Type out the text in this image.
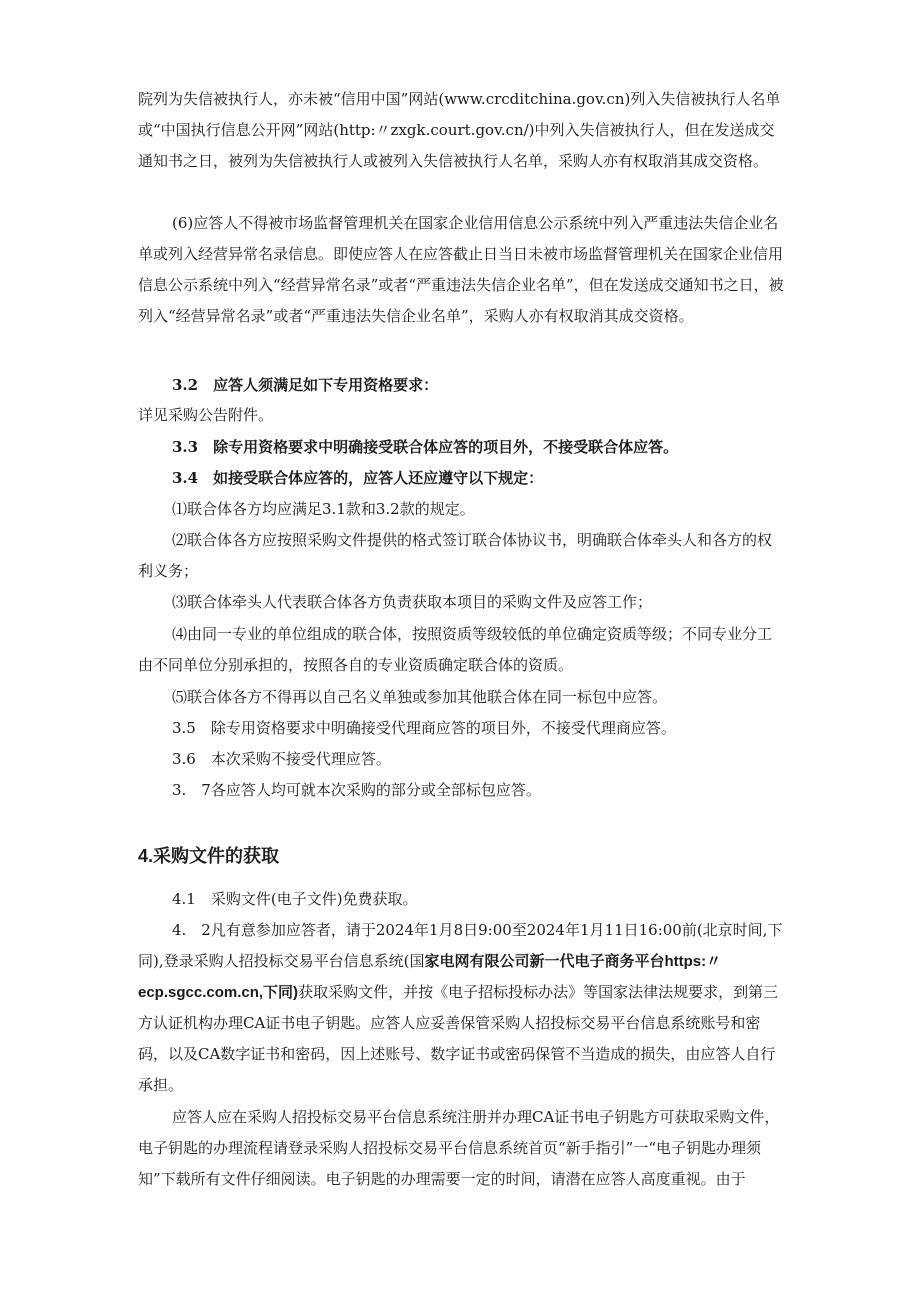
院列为失信被执行人，亦未被“信用中国”网站(www.crcditchina.gov.cn)列入失信被执行人名单或“中国执行信息公开网”网站(http:〃zxgk.court.gov.cn/)中列入失信被执行人，但在发送成交通知书之日，被列为失信被执行人或被列入失信被执行人名单，采购人亦有权取消其成交资格。

(6)应答人不得被市场监督管理机关在国家企业信用信息公示系统中列入严重违法失信企业名单或列入经营异常名录信息。即使应答人在应答截止日当日未被市场监督管理机关在国家企业信用信息公示系统中列入“经营异常名录”或者“严重违法失信企业名单”，但在发送成交通知书之日，被列入“经营异常名录”或者“严重违法失信企业名单”，采购人亦有权取消其成交资格。

3.2　应答人须满足如下专用资格要求：

详见采购公告附件。

3.3　除专用资格要求中明确接受联合体应答的项目外，不接受联合体应答。

3.4　如接受联合体应答的，应答人还应遵守以下规定：

⑴联合体各方均应满足3.1款和3.2款的规定。

⑵联合体各方应按照采购文件提供的格式签订联合体协议书，明确联合体牵头人和各方的权利义务；

⑶联合体牵头人代表联合体各方负责获取本项目的采购文件及应答工作；

⑷由同一专业的单位组成的联合体，按照资质等级较低的单位确定资质等级；不同专业分工由不同单位分别承担的，按照各自的专业资质确定联合体的资质。

⑸联合体各方不得再以自己名义单独或参加其他联合体在同一标包中应答。

3.5　除专用资格要求中明确接受代理商应答的项目外，不接受代理商应答。

3.6　本次采购不接受代理应答。

3.　7各应答人均可就本次采购的部分或全部标包应答。

4.采购文件的获取

4.1　采购文件(电子文件)免费获取。

4.　2凡有意参加应答者，请于2024年1月8日9:00至2024年1月11日16:00前(北京时间,下同),登录采购人招投标交易平台信息系统(国家电网有限公司新一代电子商务平台https:〃ecp.sgcc.com.cn,下同)获取采购文件，并按《电子招标投标办法》等国家法律法规要求，到第三方认证机构办理CA证书电子钥匙。应答人应妥善保管采购人招投标交易平台信息系统账号和密码，以及CA数字证书和密码，因上述账号、数字证书或密码保管不当造成的损失，由应答人自行承担。

应答人应在采购人招投标交易平台信息系统注册并办理CA证书电子钥匙方可获取采购文件，电子钥匙的办理流程请登录采购人招投标交易平台信息系统首页“新手指引”一“电子钥匙办理须知”下载所有文件仔细阅读。电子钥匙的办理需要一定的时间，请潜在应答人高度重视。由于
